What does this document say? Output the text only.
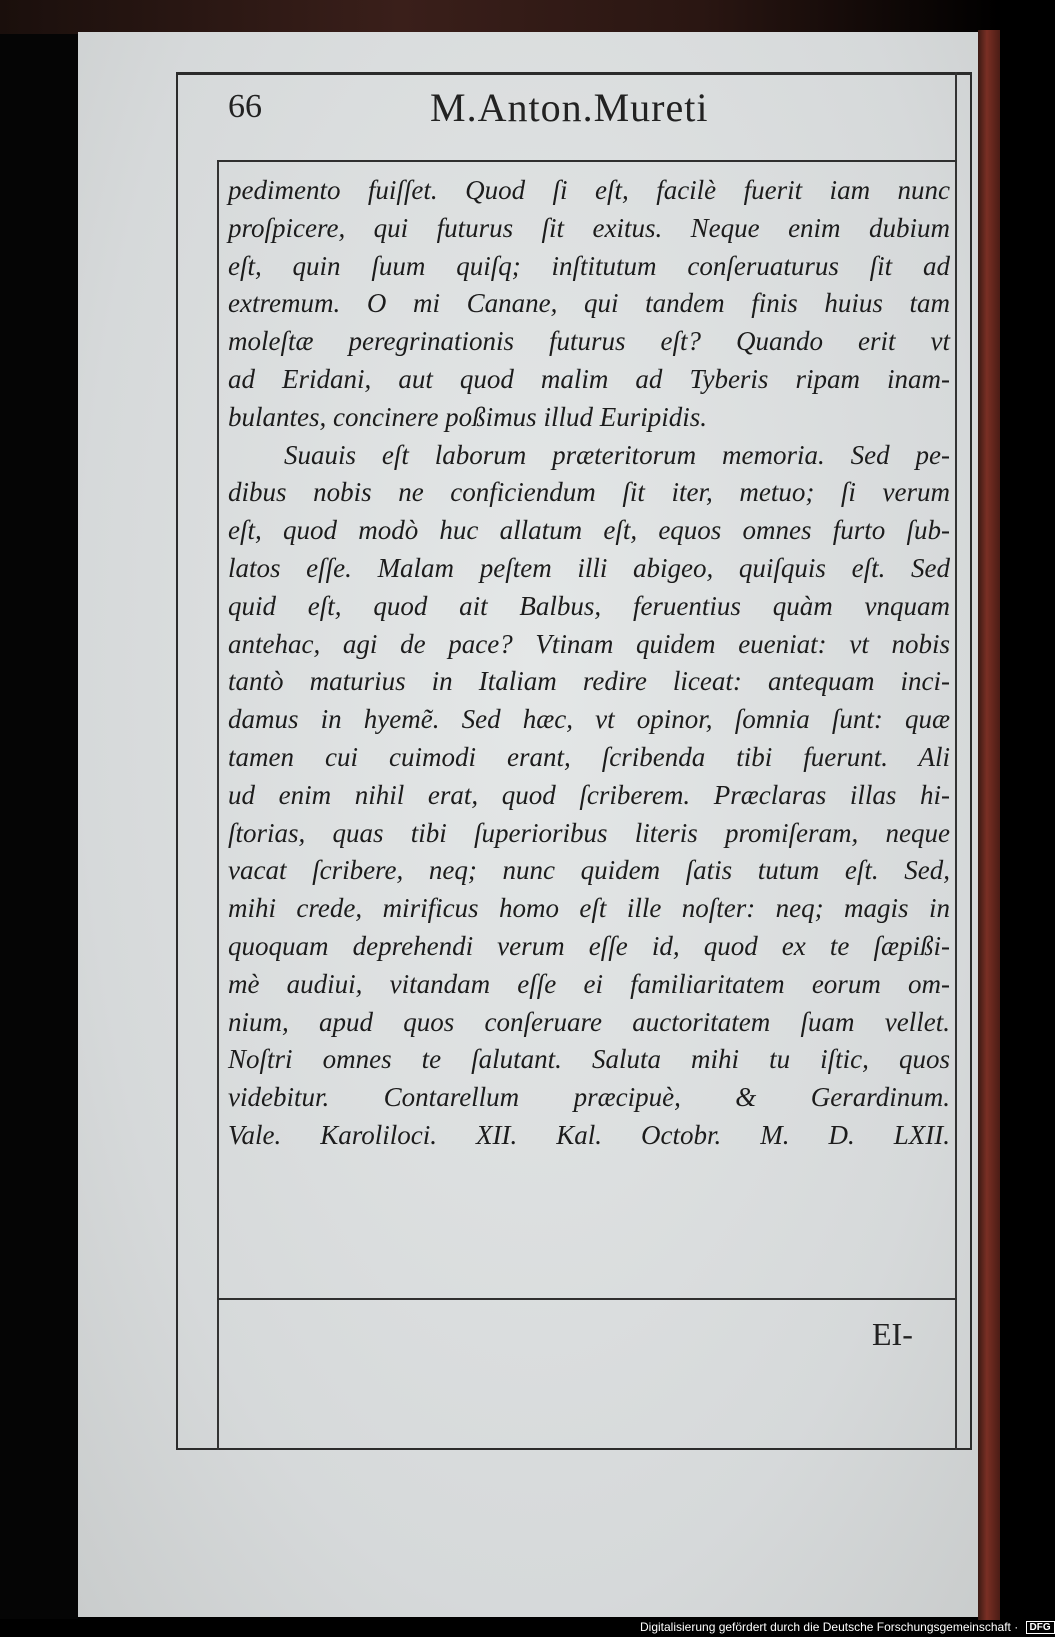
66	M.Anton.Mureti
pedimento fuiſſet. Quod ſi eſt, facilè fuerit iam nunc
proſpicere, qui futurus ſit exitus. Neque enim dubium
eſt, quin ſuum quiſq; inſtitutum conſeruaturus ſit ad
extremum. O mi Canane, qui tandem finis huius tam
moleſtæ peregrinationis futurus eſt? Quando erit vt
ad Eridani, aut quod malim ad Tyberis ripam inam-
bulantes, concinere poßimus illud Euripidis.
Suauis eſt laborum præteritorum memoria. Sed pe-
dibus nobis ne conficiendum ſit iter, metuo; ſi verum
eſt, quod modò huc allatum eſt, equos omnes furto ſub-
latos eſſe. Malam peſtem illi abigeo, quiſquis eſt. Sed
quid eſt, quod ait Balbus, feruentius quàm vnquam
antehac, agi de pace? Vtinam quidem eueniat: vt nobis
tantò maturius in Italiam redire liceat: antequam inci-
damus in hyemẽ. Sed hæc, vt opinor, ſomnia ſunt: quæ
tamen cui cuimodi erant, ſcribenda tibi fuerunt. Ali
ud enim nihil erat, quod ſcriberem. Præclaras illas hi-
ſtorias, quas tibi ſuperioribus literis promiſeram, neque
vacat ſcribere, neq; nunc quidem ſatis tutum eſt. Sed,
mihi crede, mirificus homo eſt ille noſter: neq; magis in
quoquam deprehendi verum eſſe id, quod ex te ſæpißi-
mè audiui, vitandam eſſe ei familiaritatem eorum om-
nium, apud quos conſeruare auctoritatem ſuam vellet.
Noſtri omnes te ſalutant. Saluta mihi tu iſtic, quos
videbitur. Contarellum præcipuè, & Gerardinum.
Vale. Karoliloci. XII. Kal. Octobr. M. D. LXII.
EI-
Digitalisierung gefördert durch die Deutsche Forschungsgemeinschaft · DFG
